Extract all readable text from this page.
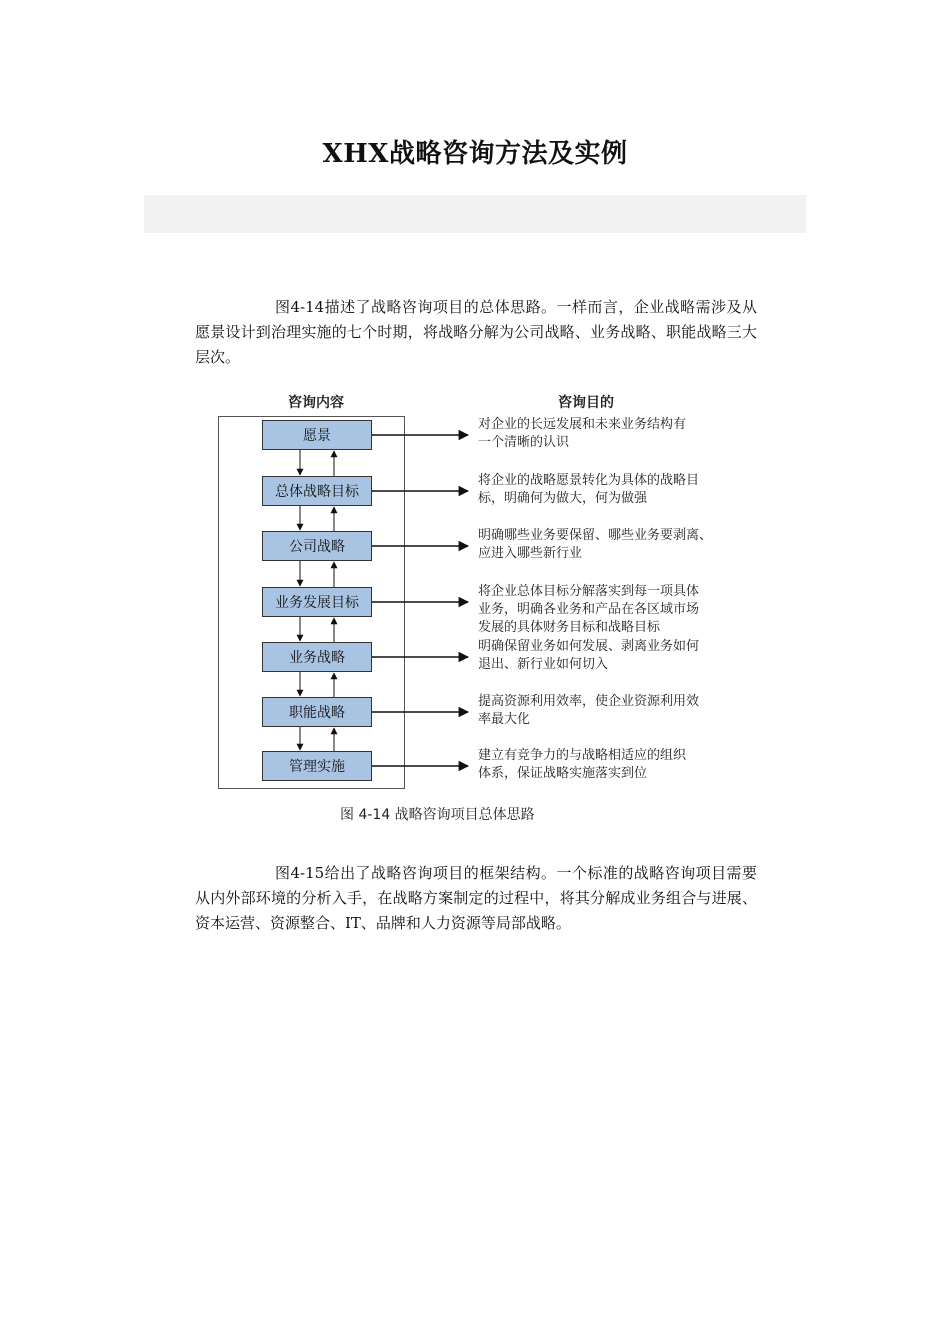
XHX战略咨询方法及实例

图4-14描述了战略咨询项目的总体思路。一样而言，企业战略需涉及从愿景设计到治理实施的七个时期，将战略分解为公司战略、业务战略、职能战略三大层次。

咨询内容	咨询目的
愿景
对企业的长远发展和未来业务结构有
一个清晰的认识
总体战略目标
将企业的战略愿景转化为具体的战略目
标，明确何为做大，何为做强
公司战略
明确哪些业务要保留、哪些业务要剥离、
应进入哪些新行业
业务发展目标
将企业总体目标分解落实到每一项具体
业务，明确各业务和产品在各区域市场
发展的具体财务目标和战略目标
业务战略
明确保留业务如何发展、剥离业务如何
退出、新行业如何切入
职能战略
提高资源利用效率，使企业资源利用效
率最大化
管理实施
建立有竞争力的与战略相适应的组织
体系，保证战略实施落实到位
图 4-14 战略咨询项目总体思路

图4-15给出了战略咨询项目的框架结构。一个标准的战略咨询项目需要从内外部环境的分析入手，在战略方案制定的过程中，将其分解成业务组合与进展、资本运营、资源整合、IT、品牌和人力资源等局部战略。
